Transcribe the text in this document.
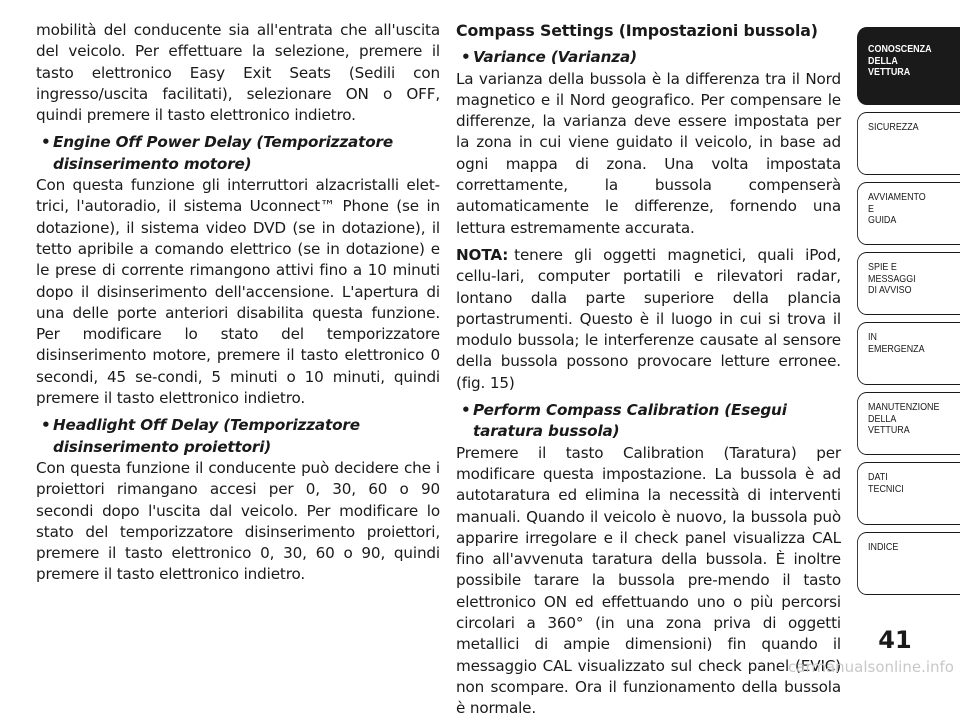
mobilità del conducente sia all'entrata che all'uscita del veicolo. Per effettuare la selezione, premere il tasto elettronico Easy Exit Seats (Sedili con ingresso/uscita facilitati), selezionare ON o OFF, quindi premere il tasto elettronico indietro.

• Engine Off Power Delay (Temporizzatore disinserimento motore)

Con questa funzione gli interruttori alzacristalli elet-trici, l'autoradio, il sistema Uconnect™ Phone (se in dotazione), il sistema video DVD (se in dotazione), il tetto apribile a comando elettrico (se in dotazione) e le prese di corrente rimangono attivi fino a 10 minuti dopo il disinserimento dell'accensione. L'apertura di una delle porte anteriori disabilita questa funzione. Per modificare lo stato del temporizzatore disinserimento motore, premere il tasto elettronico 0 secondi, 45 se-condi, 5 minuti o 10 minuti, quindi premere il tasto elettronico indietro.

• Headlight Off Delay (Temporizzatore disinserimento proiettori)

Con questa funzione il conducente può decidere che i proiettori rimangano accesi per 0, 30, 60 o 90 secondi dopo l'uscita dal veicolo. Per modificare lo stato del temporizzatore disinserimento proiettori, premere il tasto elettronico 0, 30, 60 o 90, quindi premere il tasto elettronico indietro.

Compass Settings (Impostazioni bussola)

• Variance (Varianza)

La varianza della bussola è la differenza tra il Nord magnetico e il Nord geografico. Per compensare le differenze, la varianza deve essere impostata per la zona in cui viene guidato il veicolo, in base ad ogni mappa di zona. Una volta impostata correttamente, la bussola compenserà automaticamente le differenze, fornendo una lettura estremamente accurata.

NOTA: tenere gli oggetti magnetici, quali iPod, cellu-lari, computer portatili e rilevatori radar, lontano dalla parte superiore della plancia portastrumenti. Questo è il luogo in cui si trova il modulo bussola; le interferenze causate al sensore della bussola possono provocare letture erronee. (fig. 15)

• Perform Compass Calibration (Esegui taratura bussola)

Premere il tasto Calibration (Taratura) per modificare questa impostazione. La bussola è ad autotaratura ed elimina la necessità di interventi manuali. Quando il veicolo è nuovo, la bussola può apparire irregolare e il check panel visualizza CAL fino all'avvenuta taratura della bussola. È inoltre possibile tarare la bussola pre-mendo il tasto elettronico ON ed effettuando uno o più percorsi circolari a 360° (in una zona priva di oggetti metallici di ampie dimensioni) fin quando il messaggio CAL visualizzato sul check panel (EVIC) non scompare. Ora il funzionamento della bussola è normale.

CONOSCENZA
DELLA
VETTURA
SICUREZZA
AVVIAMENTO
E
GUIDA
SPIE E
MESSAGGI
DI AVVISO
IN
EMERGENZA
MANUTENZIONE
DELLA
VETTURA
DATI
TECNICI
INDICE
41
carmanualsonline.info
